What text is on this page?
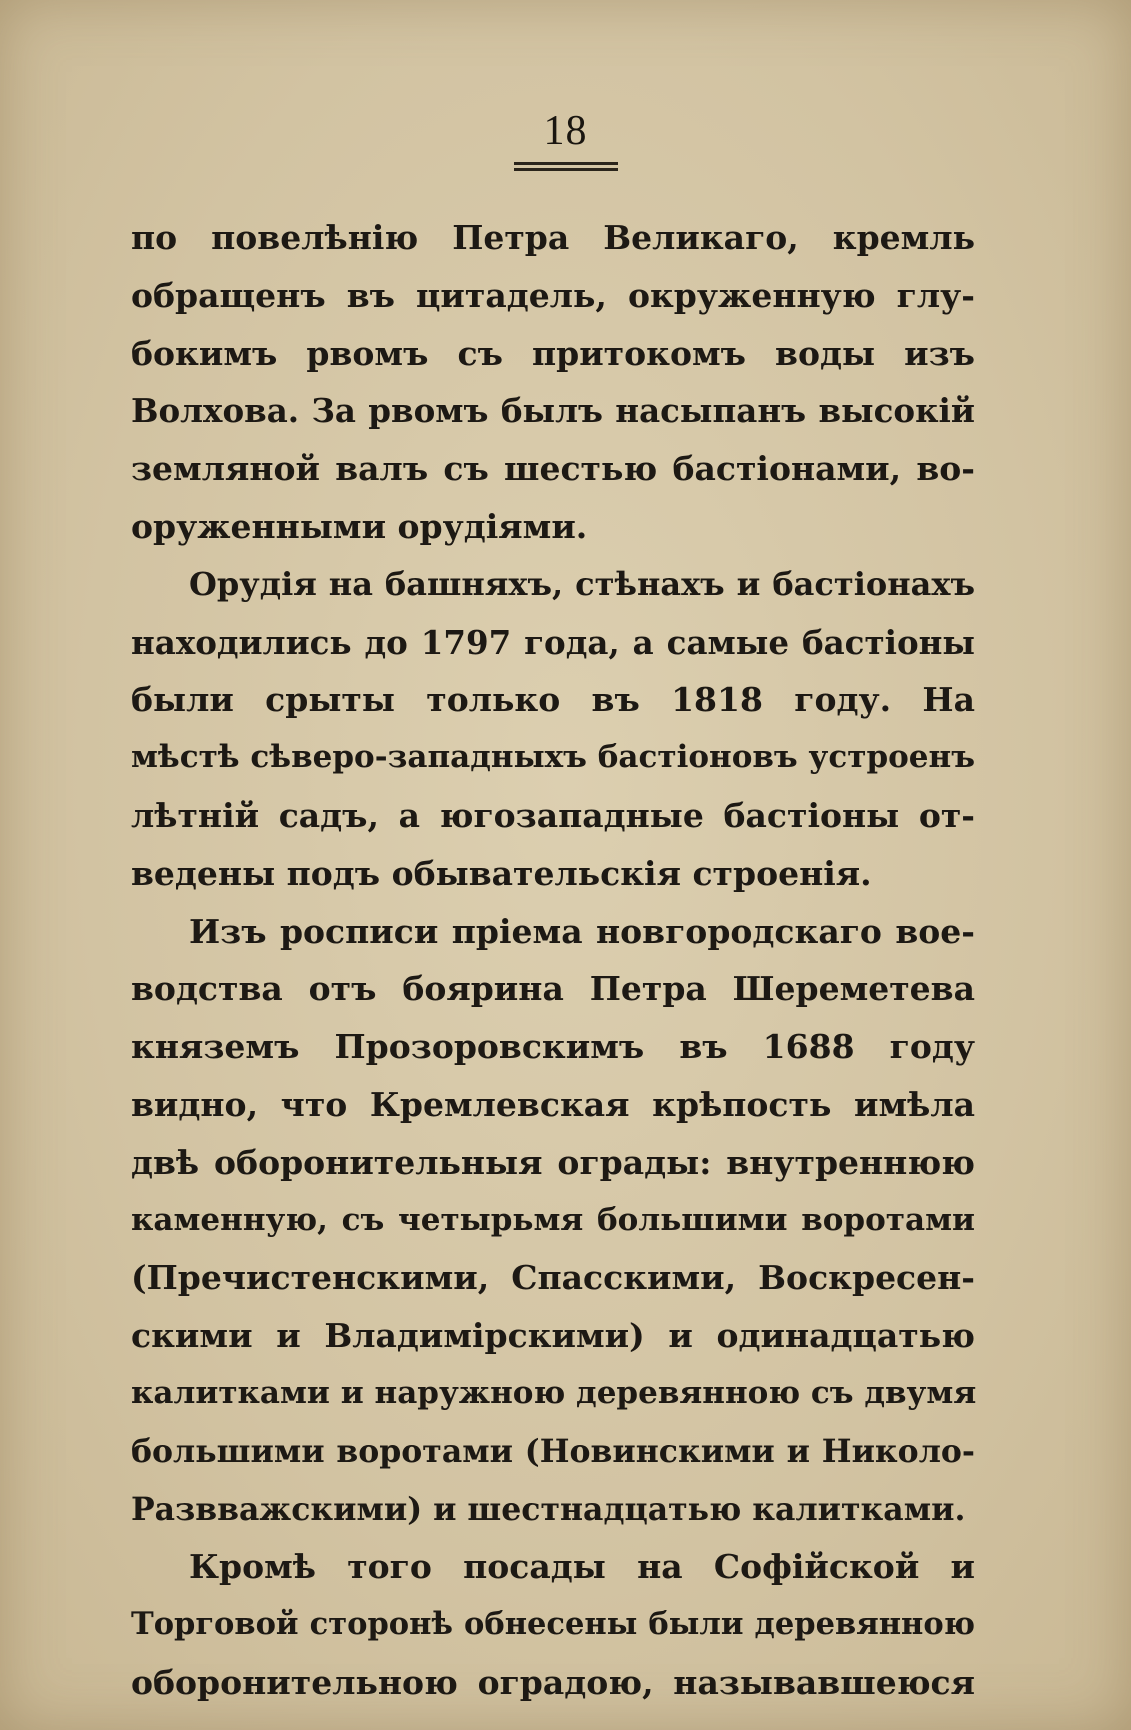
18
по повелѣнію Петра Великаго, кремль
обращенъ въ цитадель, окруженную глу-
бокимъ рвомъ съ притокомъ воды изъ
Волхова. За рвомъ былъ насыпанъ высокій
земляной валъ съ шестью бастіонами, во-
оруженными орудіями.
Орудія на башняхъ, стѣнахъ и бастіонахъ
находились до 1797 года, а самые бастіоны
были срыты только въ 1818 году. На
мѣстѣ сѣверо-западныхъ бастіоновъ устроенъ
лѣтній садъ, а югозападные бастіоны от-
ведены подъ обывательскія строенія.
Изъ росписи пріема новгородскаго вое-
водства отъ боярина Петра Шереметева
княземъ Прозоровскимъ въ 1688 году
видно, что Кремлевская крѣпость имѣла
двѣ оборонительныя ограды: внутреннюю
каменную, съ четырьмя большими воротами
(Пречистенскими, Спасскими, Воскресен-
скими и Владимірскими) и одинадцатью
калитками и наружною деревянною съ двумя
большими воротами (Новинскими и Николо-
Развважскими) и шестнадцатью калитками.
Кромѣ того посады на Софійской и
Торговой сторонѣ обнесены были деревянною
оборонительною оградою, называвшеюся
